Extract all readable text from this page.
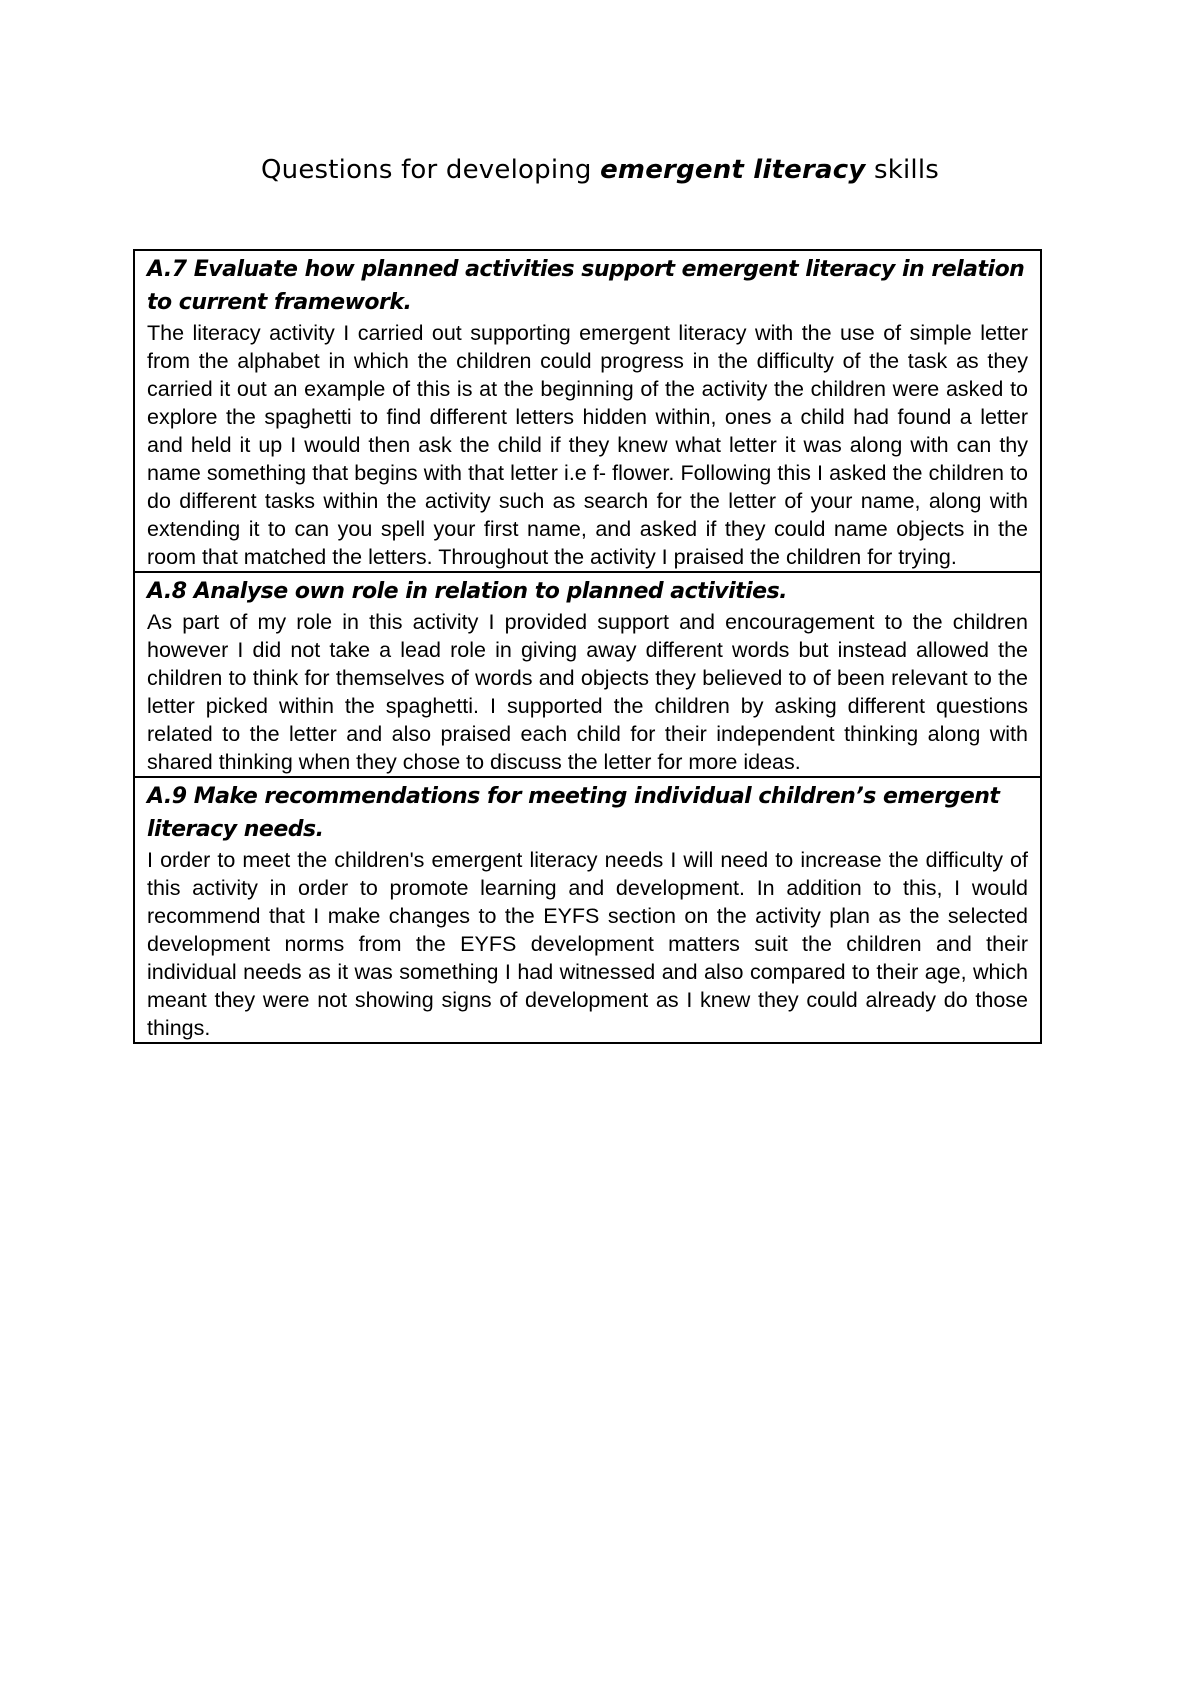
Questions for developing emergent literacy skills
A.7 Evaluate how planned activities support emergent literacy in relation to current framework.
The literacy activity I carried out supporting emergent literacy with the use of simple letter from the alphabet in which the children could progress in the difficulty of the task as they carried it out an example of this is at the beginning of the activity the children were asked to explore the spaghetti to find different letters hidden within, ones a child had found a letter and held it up I would then ask the child if they knew what letter it was along with can thy name something that begins with that letter i.e f- flower. Following this I asked the children to do different tasks within the activity such as search for the letter of your name, along with extending it to can you spell your first name, and asked if they could name objects in the room that matched the letters. Throughout the activity I praised the children for trying.

A.8 Analyse own role in relation to planned activities.
As part of my role in this activity I provided support and encouragement to the children however I did not take a lead role in giving away different words but instead allowed the children to think for themselves of words and objects they believed to of been relevant to the letter picked within the spaghetti. I supported the children by asking different questions related to the letter and also praised each child for their independent thinking along with shared thinking when they chose to discuss the letter for more ideas.

A.9 Make recommendations for meeting individual children’s emergent literacy needs.
I order to meet the children's emergent literacy needs I will need to increase the difficulty of this activity in order to promote learning and development. In addition to this, I would recommend that I make changes to the EYFS section on the activity plan as the selected development norms from the EYFS development matters suit the children and their individual needs as it was something I had witnessed and also compared to their age, which meant they were not showing signs of development as I knew they could already do those things.
